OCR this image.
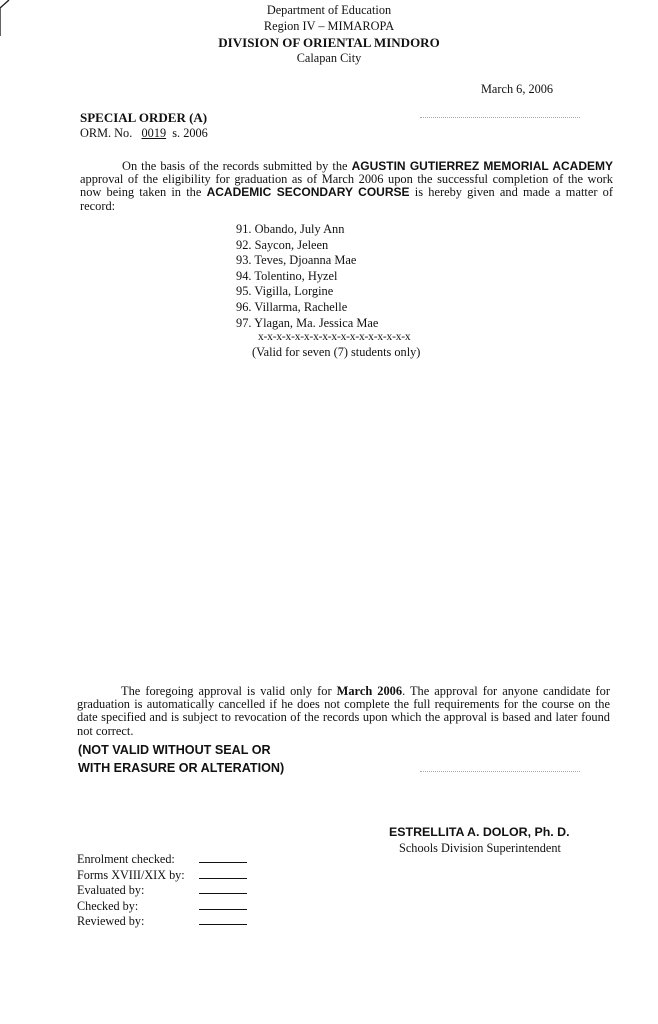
Department of Education
Region IV – MIMAROPA
DIVISION OF ORIENTAL MINDORO
Calapan City
March 6, 2006
SPECIAL ORDER (A)
ORM. No. 0019 s. 2006
On the basis of the records submitted by the AGUSTIN GUTIERREZ MEMORIAL ACADEMY approval of the eligibility for graduation as of March 2006 upon the successful completion of the work now being taken in the ACADEMIC SECONDARY COURSE is hereby given and made a matter of record:
91. Obando, July Ann
92. Saycon, Jeleen
93. Teves, Djoanna Mae
94. Tolentino, Hyzel
95. Vigilla, Lorgine
96. Villarma, Rachelle
97. Ylagan, Ma. Jessica Mae
x-x-x-x-x-x-x-x-x-x-x-x-x-x-x-x-x
(Valid for seven (7) students only)
The foregoing approval is valid only for March 2006. The approval for anyone candidate for graduation is automatically cancelled if he does not complete the full requirements for the course on the date specified and is subject to revocation of the records upon which the approval is based and later found not correct.
(NOT VALID WITHOUT SEAL OR
WITH ERASURE OR ALTERATION)
ESTRELLITA A. DOLOR, Ph. D.
Schools Division Superintendent
Enrolment checked:
Forms XVIII/XIX by:
Evaluated by:
Checked by:
Reviewed by:
